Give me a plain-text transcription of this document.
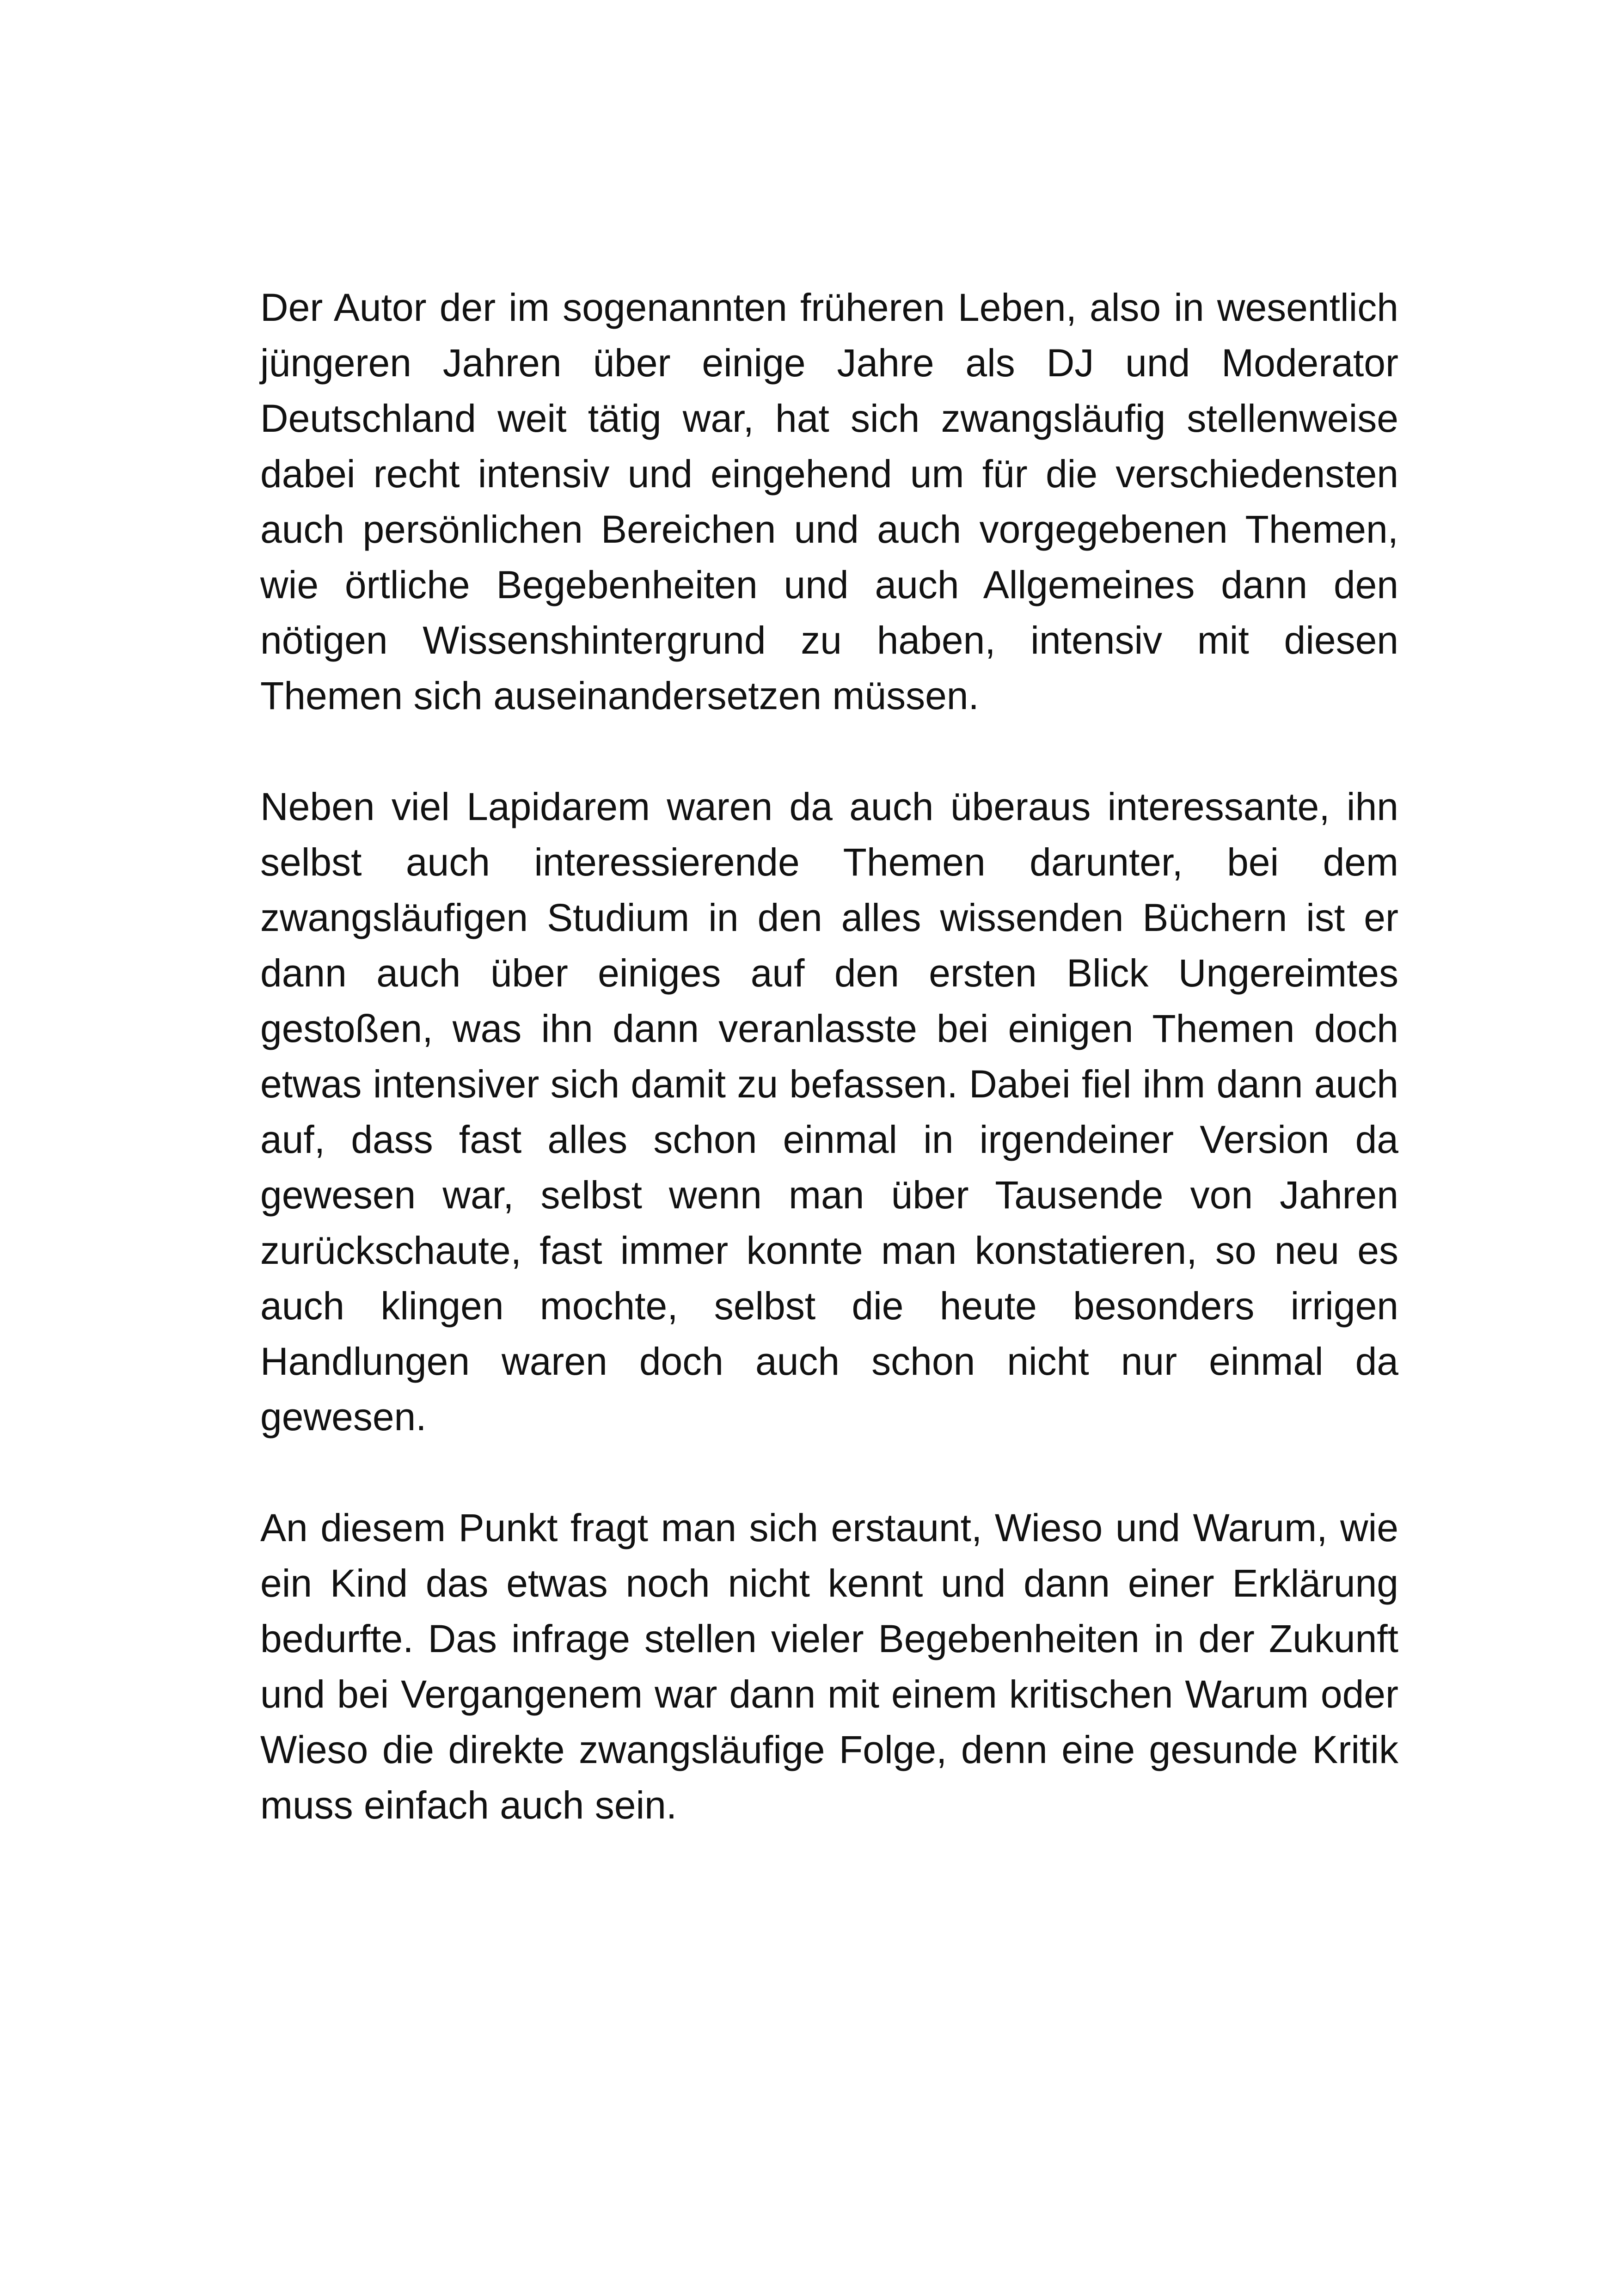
Der Autor der im sogenannten früheren Leben, also in wesentlich jüngeren Jahren über einige Jahre als DJ und Moderator Deutschland weit tätig war, hat sich zwangsläufig stellenweise dabei recht intensiv und eingehend um für die verschiedensten auch persönlichen Bereichen und auch vorgegebenen Themen, wie örtliche Begebenheiten und auch Allgemeines dann den nötigen Wissenshintergrund zu haben, intensiv mit diesen Themen sich auseinandersetzen müssen.

Neben viel Lapidarem waren da auch überaus interessante, ihn selbst auch interessierende Themen darunter, bei dem zwangsläufigen Studium in den alles wissenden Büchern ist er dann auch über einiges auf den ersten Blick Ungereimtes gestoßen, was ihn dann veranlasste bei einigen Themen doch etwas intensiver sich damit zu befassen. Dabei fiel ihm dann auch auf, dass fast alles schon einmal in irgendeiner Version da gewesen war, selbst wenn man über Tausende von Jahren zurückschaute, fast immer konnte man konstatieren, so neu es auch klingen mochte, selbst die heute besonders irrigen Handlungen waren doch auch schon nicht nur einmal da gewesen.

An diesem Punkt fragt man sich erstaunt, Wieso und Warum, wie ein Kind das etwas noch nicht kennt und dann einer Erklärung bedurfte. Das infrage stellen vieler Begebenheiten in der Zukunft und bei Vergangenem war dann mit einem kritischen Warum oder Wieso die direkte zwangsläufige Folge, denn eine gesunde Kritik muss einfach auch sein.
